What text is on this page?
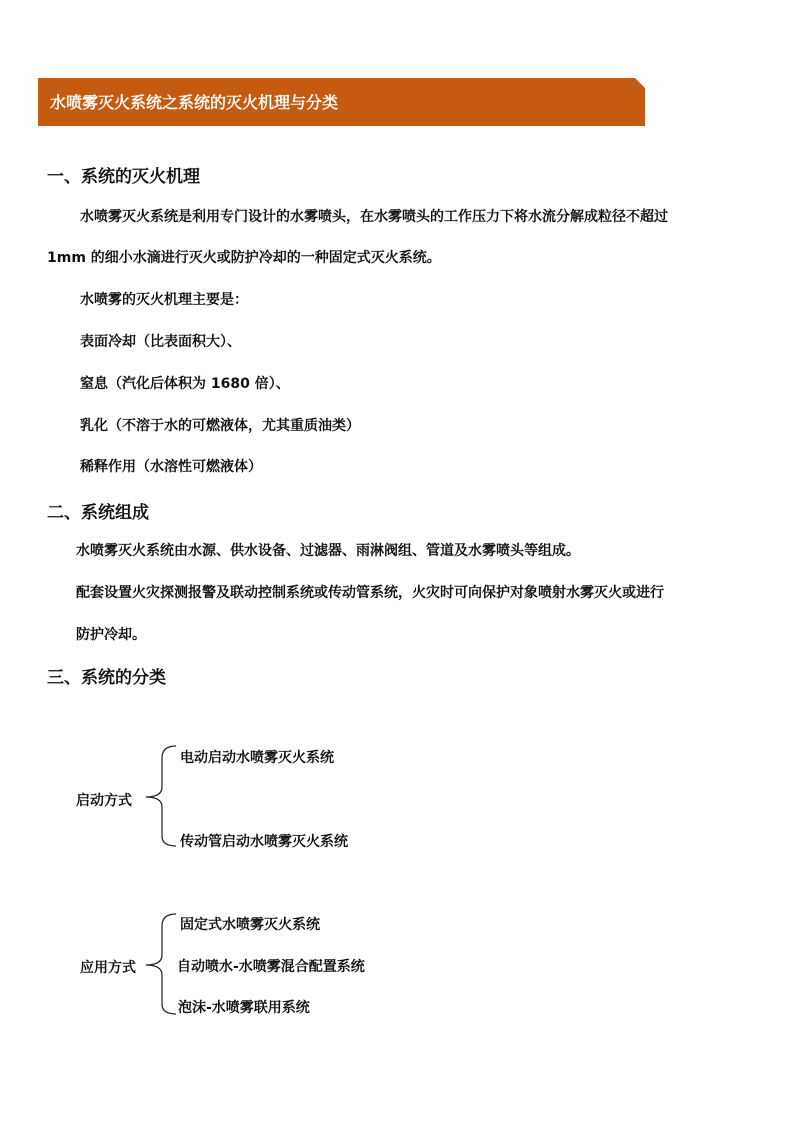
水喷雾灭火系统之系统的灭火机理与分类
一、系统的灭火机理
水喷雾灭火系统是利用专门设计的水雾喷头，在水雾喷头的工作压力下将水流分解成粒径不超过
1mm 的细小水滴进行灭火或防护冷却的一种固定式灭火系统。
水喷雾的灭火机理主要是：
表面冷却（比表面积大）、
窒息（汽化后体积为 1680 倍）、
乳化（不溶于水的可燃液体，尤其重质油类）
稀释作用（水溶性可燃液体）
二、系统组成
水喷雾灭火系统由水源、供水设备、过滤器、雨淋阀组、管道及水雾喷头等组成。
配套设置火灾探测报警及联动控制系统或传动管系统，火灾时可向保护对象喷射水雾灭火或进行
防护冷却。
三、系统的分类
启动方式
电动启动水喷雾灭火系统
传动管启动水喷雾灭火系统
应用方式
固定式水喷雾灭火系统
自动喷水-水喷雾混合配置系统
泡沫-水喷雾联用系统
